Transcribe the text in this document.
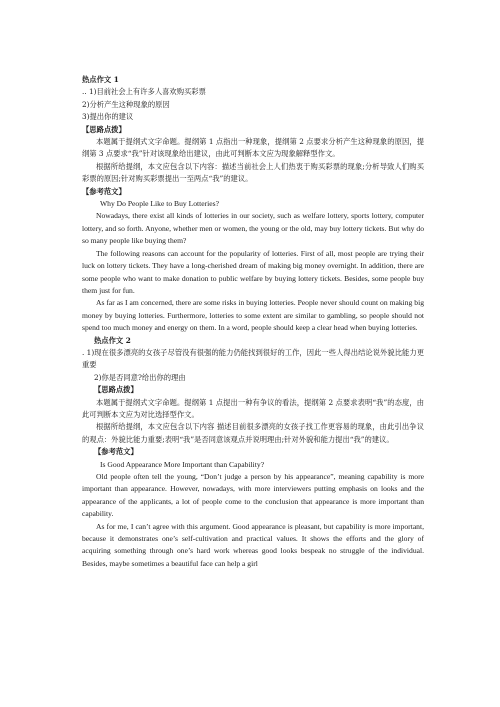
热点作文 1
.. 1)目前社会上有许多人喜欢购买彩票
2)分析产生这种现象的原因
3)提出你的建议
【思路点拨】

本题属于提纲式文字命题。提纲第 1 点指出一种现象，提纲第 2 点要求分析产生这种现象的原因，提纲第 3 点要求“我”针对该现象给出建议，由此可判断本文应为现象解释型作文。

根据所给提纲，本文应包含以下内容：描述当前社会上人们热衷于购买彩票的现象;分析导致人们购买彩票的原因;针对购买彩票提出一至两点“我”的建议。

【参考范文】
Why Do People Like to Buy Lotteries?

Nowadays, there exist all kinds of lotteries in our society, such as welfare lottery, sports lottery, computer lottery, and so forth. Anyone, whether men or women, the young or the old, may buy lottery tickets. But why do so many people like buying them?

The following reasons can account for the popularity of lotteries. First of all, most people are trying their luck on lottery tickets. They have a long-cherished dream of making big money overnight. In addition, there are some people who want to make donation to public welfare by buying lottery tickets. Besides, some people buy them just for fun.

As far as I am concerned, there are some risks in buying lotteries. People never should count on making big money by buying lotteries. Furthermore, lotteries to some extent are similar to gambling, so people should not spend too much money and energy on them. In a word, people should keep a clear head when buying lotteries.

热点作文 2

. 1)现在很多漂亮的女孩子尽管没有很强的能力仍能找到很好的工作，因此一些人得出结论说外貌比能力更重要

2)你是否同意?给出你的理由
【思路点拨】

本题属于提纲式文字命题。提纲第 1 点提出一种有争议的看法，提纲第 2 点要求表明“我”的态度，由此可判断本文应为对比选择型作文。

根据所给提纲，本文应包含以下内容 描述目前很多漂亮的女孩子找工作更容易的现象，由此引出争议的观点：外貌比能力重要;表明“我”是否同意该观点并说明理由;针对外貌和能力提出“我”的建议。

【参考范文】
Is Good Appearance More Important than Capability?

Old people often tell the young, “Don’t judge a person by his appearance”, meaning capability is more important than appearance. However, nowadays, with more interviewers putting emphasis on looks and the appearance of the applicants, a lot of people come to the conclusion that appearance is more important than capability.

As for me, I can’t agree with this argument. Good appearance is pleasant, but capability is more important, because it demonstrates one’s self-cultivation and practical values. It shows the efforts and the glory of acquiring something through one’s hard work whereas good looks bespeak no struggle of the individual. Besides, maybe sometimes a beautiful face can help a girl
